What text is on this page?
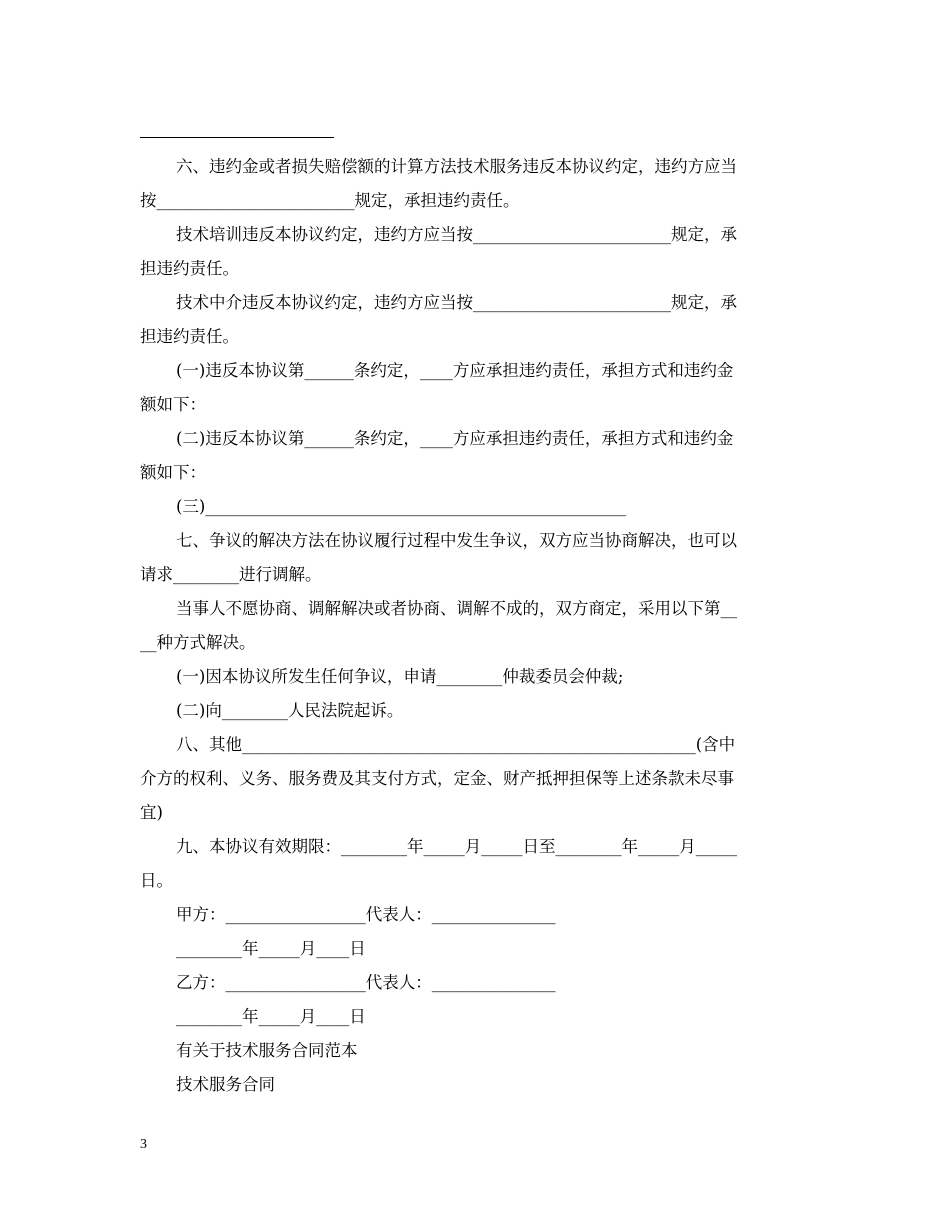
六、违约金或者损失赔偿额的计算方法技术服务违反本协议约定，违约方应当
按________________________规定，承担违约责任。
技术培训违反本协议约定，违约方应当按________________________规定，承
担违约责任。
技术中介违反本协议约定，违约方应当按________________________规定，承
担违约责任。
(一)违反本协议第______条约定，____方应承担违约责任，承担方式和违约金
额如下：
(二)违反本协议第______条约定，____方应承担违约责任，承担方式和违约金
额如下：
(三)___________________________________________________
七、争议的解决方法在协议履行过程中发生争议，双方应当协商解决，也可以
请求________进行调解。
当事人不愿协商、调解解决或者协商、调解不成的，双方商定，采用以下第__
__种方式解决。
(一)因本协议所发生任何争议，申请________仲裁委员会仲裁;
(二)向________人民法院起诉。
八、其他_______________________________________________________(含中
介方的权利、义务、服务费及其支付方式，定金、财产抵押担保等上述条款未尽事
宜)
九、本协议有效期限：________年_____月_____日至________年_____月_____
日。
甲方：_________________代表人：_______________
________年_____月____日
乙方：_________________代表人：_______________
________年_____月____日
有关于技术服务合同范本
技术服务合同
3
